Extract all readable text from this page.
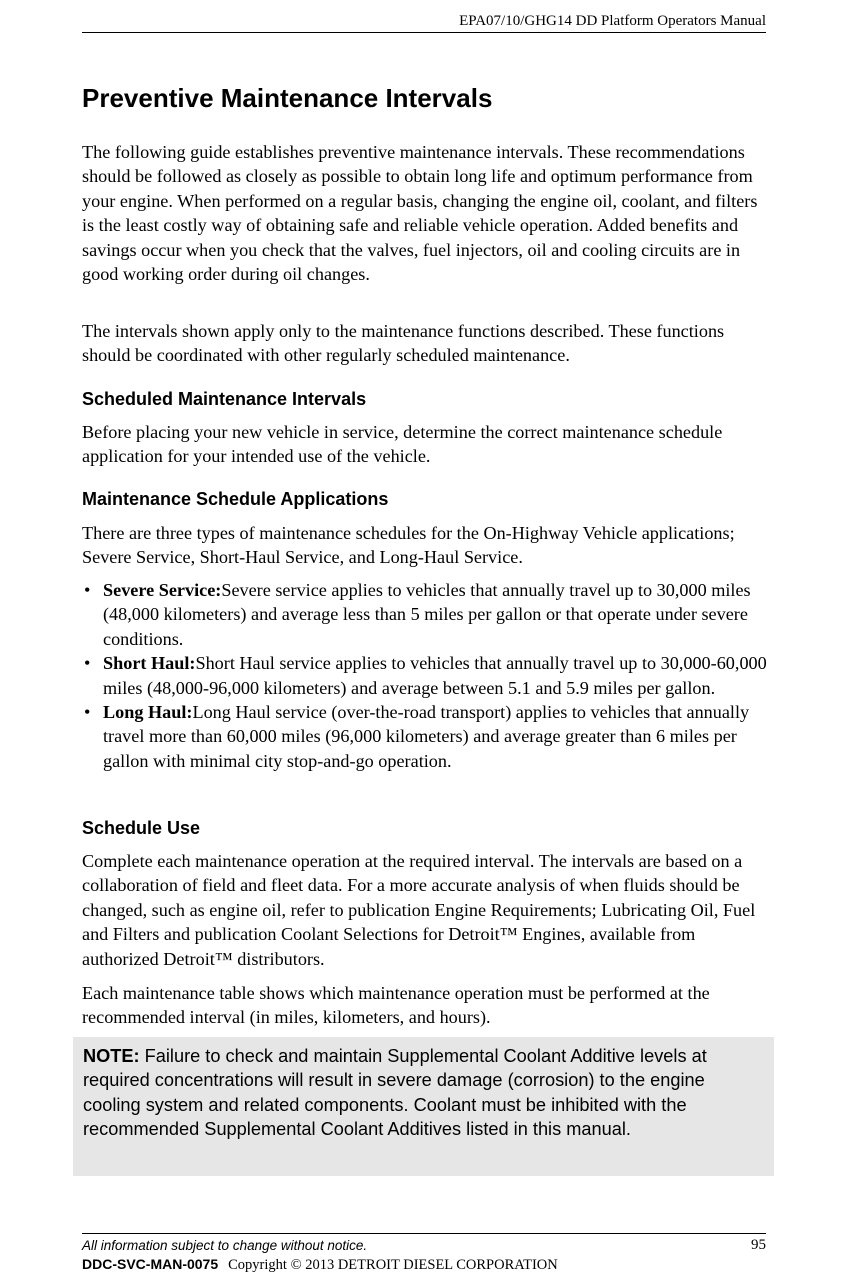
EPA07/10/GHG14 DD Platform Operators Manual
Preventive Maintenance Intervals

The following guide establishes preventive maintenance intervals. These recommendations should be followed as closely as possible to obtain long life and optimum performance from your engine. When performed on a regular basis, changing the engine oil, coolant, and filters is the least costly way of obtaining safe and reliable vehicle operation. Added benefits and savings occur when you check that the valves, fuel injectors, oil and cooling circuits are in good working order during oil changes.

The intervals shown apply only to the maintenance functions described. These functions should be coordinated with other regularly scheduled maintenance.

Scheduled Maintenance Intervals

Before placing your new vehicle in service, determine the correct maintenance schedule application for your intended use of the vehicle.

Maintenance Schedule Applications

There are three types of maintenance schedules for the On-Highway Vehicle applications; Severe Service, Short-Haul Service, and Long-Haul Service.

• Severe Service:Severe service applies to vehicles that annually travel up to 30,000 miles (48,000 kilometers) and average less than 5 miles per gallon or that operate under severe conditions.
• Short Haul:Short Haul service applies to vehicles that annually travel up to 30,000-60,000 miles (48,000-96,000 kilometers) and average between 5.1 and 5.9 miles per gallon.
• Long Haul:Long Haul service (over-the-road transport) applies to vehicles that annually travel more than 60,000 miles (96,000 kilometers) and average greater than 6 miles per gallon with minimal city stop-and-go operation.
Schedule Use

Complete each maintenance operation at the required interval. The intervals are based on a collaboration of field and fleet data. For a more accurate analysis of when fluids should be changed, such as engine oil, refer to publication Engine Requirements; Lubricating Oil, Fuel and Filters and publication Coolant Selections for Detroit™ Engines, available from authorized Detroit™ distributors.

Each maintenance table shows which maintenance operation must be performed at the recommended interval (in miles, kilometers, and hours).

NOTE: Failure to check and maintain Supplemental Coolant Additive levels at required concentrations will result in severe damage (corrosion) to the engine cooling system and related components. Coolant must be inhibited with the recommended Supplemental Coolant Additives listed in this manual.

All information subject to change without notice.	95
DDC-SVC-MAN-0075 Copyright © 2013 DETROIT DIESEL CORPORATION
